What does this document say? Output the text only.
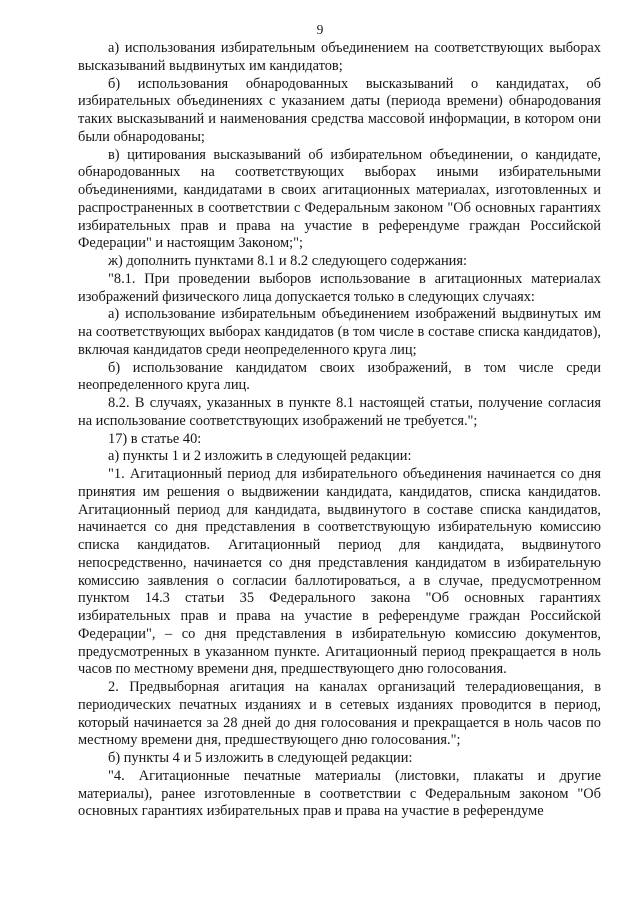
9

а) использования избирательным объединением на соответствующих выборах высказываний выдвинутых им кандидатов;

б) использования обнародованных высказываний о кандидатах, об избирательных объединениях с указанием даты (периода времени) обнародования таких высказываний и наименования средства массовой информации, в котором они были обнародованы;

в) цитирования высказываний об избирательном объединении, о кандидате, обнародованных на соответствующих выборах иными избирательными объединениями, кандидатами в своих агитационных материалах, изготовленных и распространенных в соответствии с Федеральным законом "Об основных гарантиях избирательных прав и права на участие в референдуме граждан Российской Федерации" и настоящим Законом;";

ж) дополнить пунктами 8.1 и 8.2 следующего содержания:

"8.1. При проведении выборов использование в агитационных материалах изображений физического лица допускается только в следующих случаях:

а) использование избирательным объединением изображений выдвинутых им на соответствующих выборах кандидатов (в том числе в составе списка кандидатов), включая кандидатов среди неопределенного круга лиц;

б) использование кандидатом своих изображений, в том числе среди неопределенного круга лиц.

8.2. В случаях, указанных в пункте 8.1 настоящей статьи, получение согласия на использование соответствующих изображений не требуется.";

17) в статье 40:

а) пункты 1 и 2 изложить в следующей редакции:

"1. Агитационный период для избирательного объединения начинается со дня принятия им решения о выдвижении кандидата, кандидатов, списка кандидатов. Агитационный период для кандидата, выдвинутого в составе списка кандидатов, начинается со дня представления в соответствующую избирательную комиссию списка кандидатов. Агитационный период для кандидата, выдвинутого непосредственно, начинается со дня представления кандидатом в избирательную комиссию заявления о согласии баллотироваться, а в случае, предусмотренном пунктом 14.3 статьи 35 Федерального закона "Об основных гарантиях избирательных прав и права на участие в референдуме граждан Российской Федерации", – со дня представления в избирательную комиссию документов, предусмотренных в указанном пункте. Агитационный период прекращается в ноль часов по местному времени дня, предшествующего дню голосования.

2. Предвыборная агитация на каналах организаций телерадиовещания, в периодических печатных изданиях и в сетевых изданиях проводится в период, который начинается за 28 дней до дня голосования и прекращается в ноль часов по местному времени дня, предшествующего дню голосования.";

б) пункты 4 и 5 изложить в следующей редакции:

"4. Агитационные печатные материалы (листовки, плакаты и другие материалы), ранее изготовленные в соответствии с Федеральным законом "Об основных гарантиях избирательных прав и права на участие в референдуме
